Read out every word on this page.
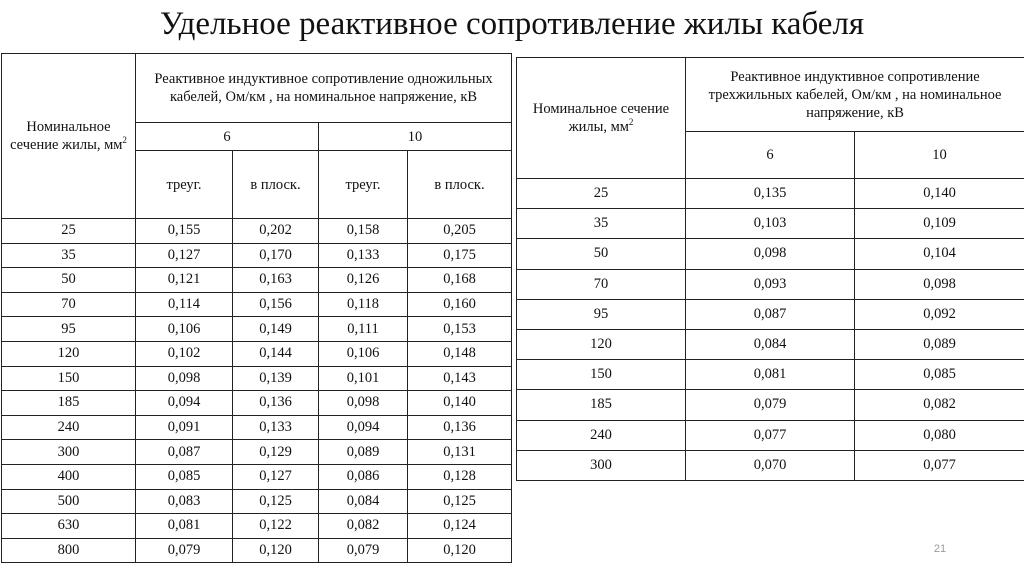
Удельное реактивное сопротивление жилы кабеля
Номинальное сечение жилы, $мм^2$	Реактивное индуктивное сопротивление одножильных кабелей, Ом/км , на номинальное напряжение, кВ			
	6		10	
	треуг.	в плоск.	треуг.	в плоск.
25	0,155	0,202	0,158	0,205
35	0,127	0,170	0,133	0,175
50	0,121	0,163	0,126	0,168
70	0,114	0,156	0,118	0,160
95	0,106	0,149	0,111	0,153
120	0,102	0,144	0,106	0,148
150	0,098	0,139	0,101	0,143
185	0,094	0,136	0,098	0,140
240	0,091	0,133	0,094	0,136
300	0,087	0,129	0,089	0,131
400	0,085	0,127	0,086	0,128
500	0,083	0,125	0,084	0,125
630	0,081	0,122	0,082	0,124
800	0,079	0,120	0,079	0,120
Номинальное сечение жилы, $мм^2$	Реактивное индуктивное сопротивление трехжильных кабелей, Ом/км , на номинальное напряжение, кВ	
	6	10
25	0,135	0,140
35	0,103	0,109
50	0,098	0,104
70	0,093	0,098
95	0,087	0,092
120	0,084	0,089
150	0,081	0,085
185	0,079	0,082
240	0,077	0,080
300	0,070	0,077
21
